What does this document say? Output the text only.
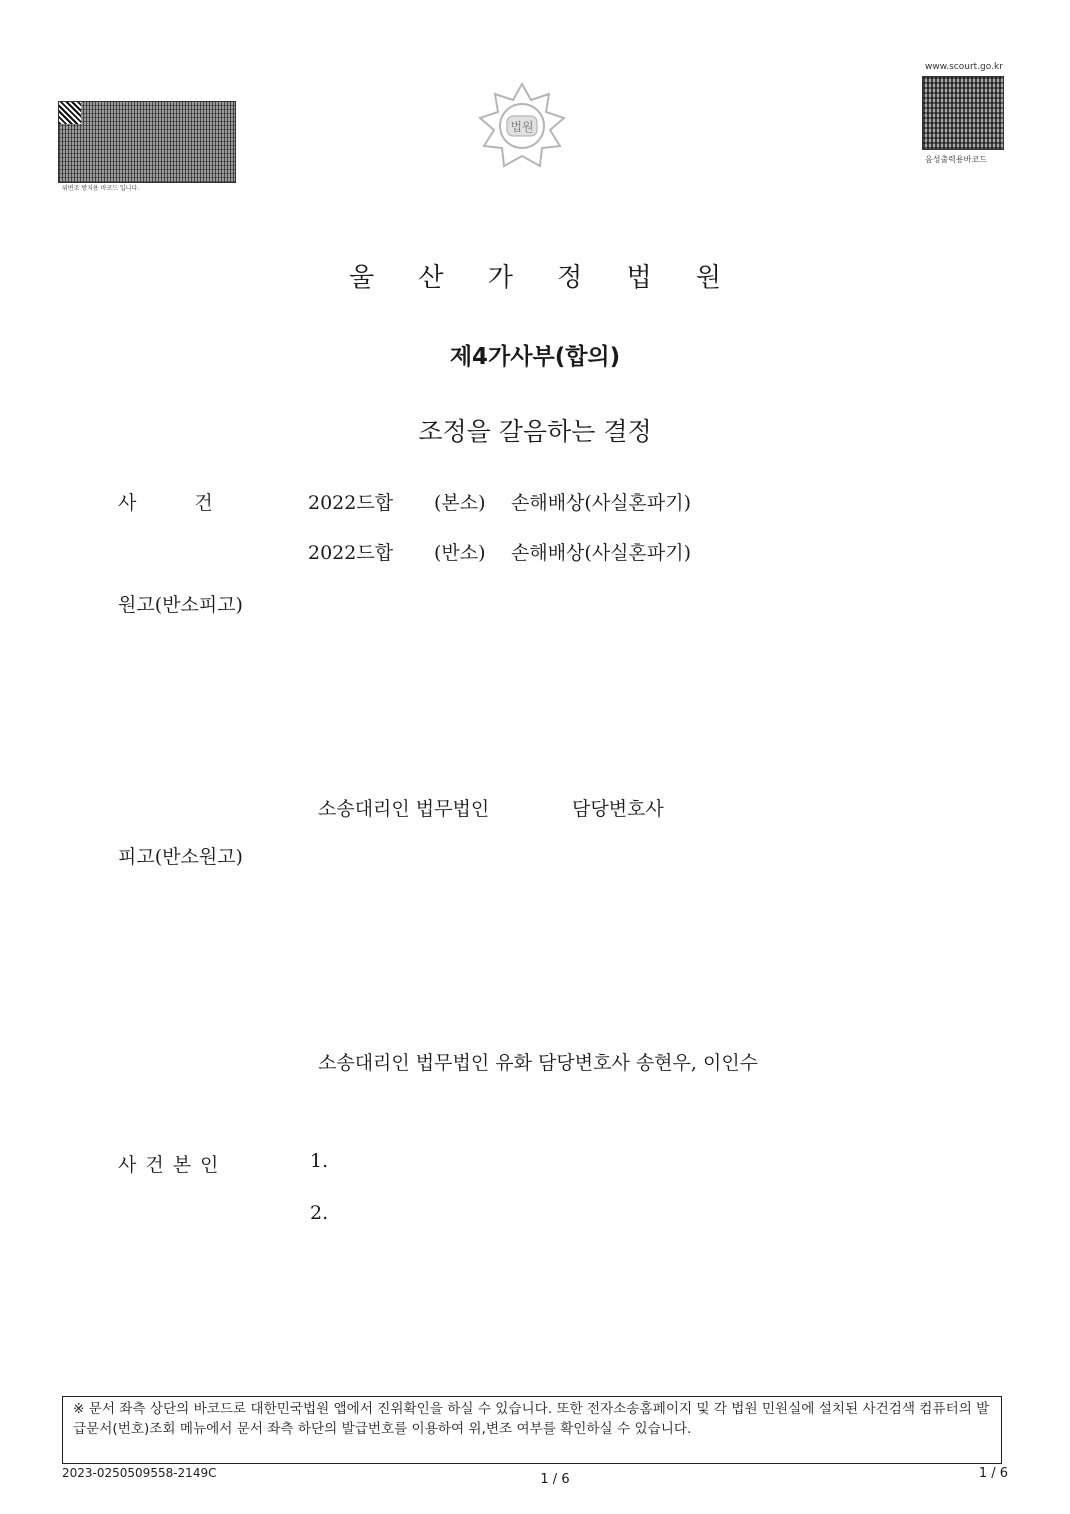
위변조 방지용 바코드 입니다.
법원
www.scourt.go.kr
음성출력용바코드
울 산 가 정 법 원
제4가사부(합의)
조정을 갈음하는 결정
사 건	2022드합 (본소) 손해배상(사실혼파기)
2022드합 (반소) 손해배상(사실혼파기)
원고(반소피고)
소송대리인 법무법인	담당변호사
피고(반소원고)
소송대리인 법무법인 유화 담당변호사 송현우, 이인수
사건본인	1.
2.
※ 문서 좌측 상단의 바코드로 대한민국법원 앱에서 진위확인을 하실 수 있습니다. 또한 전자소송홈페이지 및 각 법원 민원실에 설치된 사건검색 컴퓨터의 발급문서(번호)조회 메뉴에서 문서 좌측 하단의 발급번호를 이용하여 위,변조 여부를 확인하실 수 있습니다.
2023-0250509558-2149C	1 / 6	1 / 6
